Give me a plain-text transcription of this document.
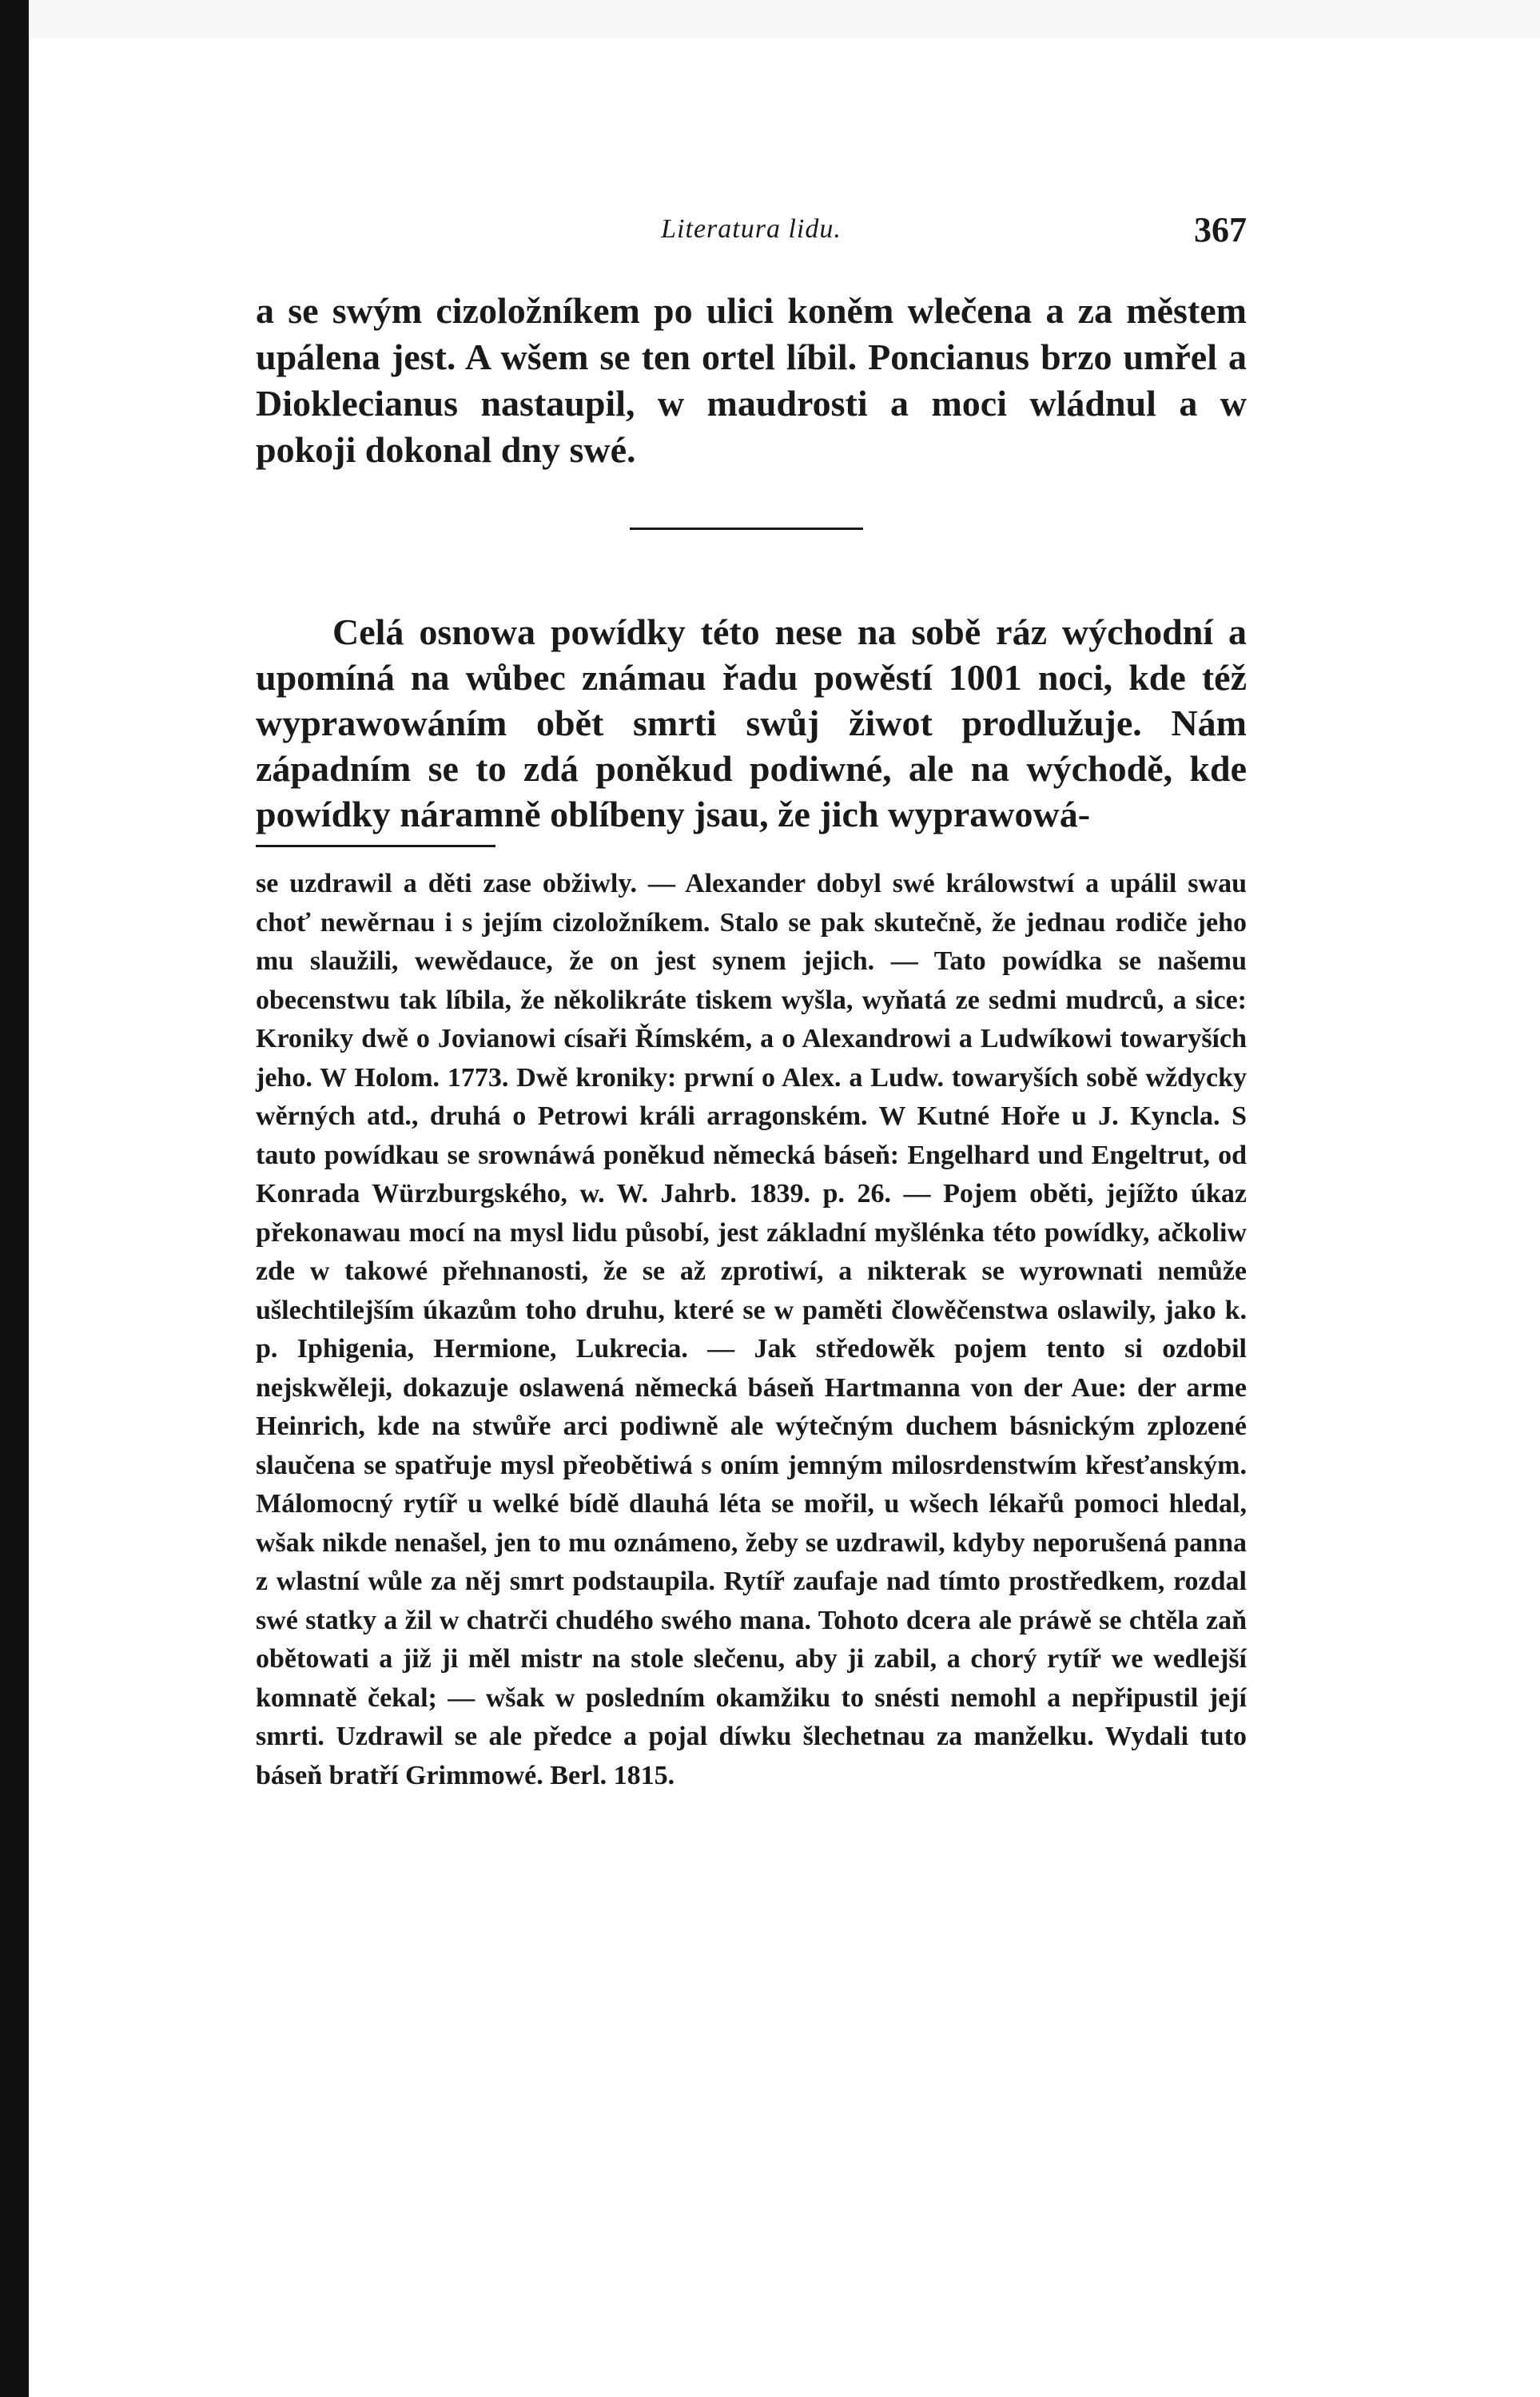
Literatura lidu.	367

a se swým cizoložníkem po ulici koněm wlečena a za městem upálena jest. A wšem se ten ortel líbil. Poncianus brzo umřel a Dioklecianus nastaupil, w maudrosti a moci wládnul a w pokoji dokonal dny swé.

Celá osnowa powídky této nese na sobě ráz wýchodní a upomíná na wůbec známau řadu powěstí 1001 noci, kde též wyprawowáním obět smrti swůj žiwot prodlužuje. Nám západním se to zdá poněkud podiwné, ale na wýchodě, kde powídky náramně oblíbeny jsau, že jich wyprawowá-

se uzdrawil a děti zase obžiwly. — Alexander dobyl swé králowstwí a upálil swau choť newěrnau i s jejím cizoložníkem. Stalo se pak skutečně, že jednau rodiče jeho mu slaužili, wewědauce, že on jest synem jejich. — Tato powídka se našemu obecenstwu tak líbila, že několikráte tiskem wyšla, wyňatá ze sedmi mudrců, a sice: Kroniky dwě o Jovianowi císaři Římském, a o Alexandrowi a Ludwíkowi towaryších jeho. W Holom. 1773. Dwě kroniky: prwní o Alex. a Ludw. towaryších sobě wždycky wěrných atd., druhá o Petrowi králi arragonském. W Kutné Hoře u J. Kyncla. S tauto powídkau se srownáwá poněkud německá báseň: Engelhard und Engeltrut, od Konrada Würzburgského, w. W. Jahrb. 1839. p. 26. — Pojem oběti, jejížto úkaz překonawau mocí na mysl lidu působí, jest základní myšlénka této powídky, ačkoliw zde w takowé přehnanosti, že se až zprotiwí, a nikterak se wyrownati nemůže ušlechtilejším úkazům toho druhu, které se w paměti člowěčenstwa oslawily, jako k. p. Iphigenia, Hermione, Lukrecia. — Jak středowěk pojem tento si ozdobil nejskwěleji, dokazuje oslawená německá báseň Hartmanna von der Aue: der arme Heinrich, kde na stwůře arci podiwně ale wýtečným duchem básnickým zplozené slaučena se spatřuje mysl přeobětiwá s oním jemným milosrdenstwím křesťanským. Málomocný rytíř u welké bídě dlauhá léta se mořil, u wšech lékařů pomoci hledal, wšak nikde nenašel, jen to mu oznámeno, žeby se uzdrawil, kdyby neporušená panna z wlastní wůle za něj smrt podstaupila. Rytíř zaufaje nad tímto prostředkem, rozdal swé statky a žil w chatrči chudého swého mana. Tohoto dcera ale práwě se chtěla zaň obětowati a již ji měl mistr na stole slečenu, aby ji zabil, a chorý rytíř we wedlejší komnatě čekal; — wšak w posledním okamžiku to snésti nemohl a nepřipustil její smrti. Uzdrawil se ale předce a pojal díwku šlechetnau za manželku. Wydali tuto báseň bratří Grimmowé. Berl. 1815.
